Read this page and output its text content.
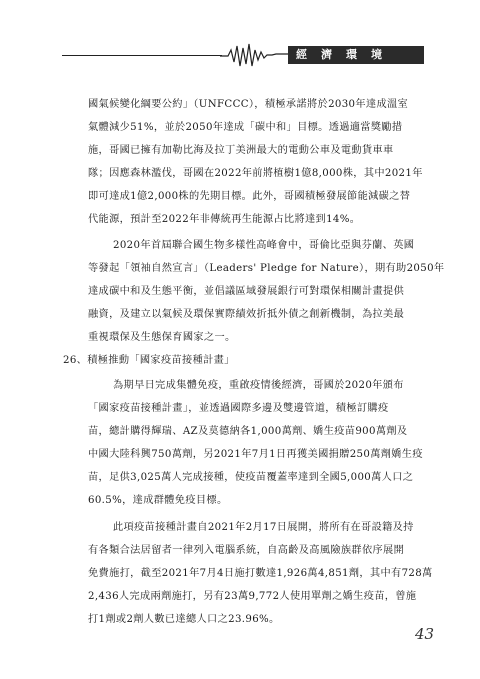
經濟環境
國氣候變化綱要公約」（UNFCCC），積極承諾將於2030年達成溫室
氣體減少51%，並於2050年達成「碳中和」目標。透過適當獎勵措
施，哥國已擁有加勒比海及拉丁美洲最大的電動公車及電動貨車車
隊；因應森林濫伐，哥國在2022年前將植樹1億8,000株，其中2021年
即可達成1億2,000株的先期目標。此外，哥國積極發展節能減碳之替
代能源，預計至2022年非傳統再生能源占比將達到14%。
2020年首屆聯合國生物多樣性高峰會中，哥倫比亞與芬蘭、英國
等發起「領袖自然宣言」（Leaders' Pledge for Nature），期有助2050年
達成碳中和及生態平衡，並倡議區域發展銀行可對環保相關計畫提供
融資，及建立以氣候及環保實際績效折抵外債之創新機制，為拉美最
重視環保及生態保育國家之一。
26、積極推動「國家疫苗接種計畫」
為期早日完成集體免疫，重啟疫情後經濟，哥國於2020年頒布
「國家疫苗接種計畫」，並透過國際多邊及雙邊管道，積極訂購疫
苗，總計購得輝瑞、AZ及莫德納各1,000萬劑、嬌生疫苗900萬劑及
中國大陸科興750萬劑，另2021年7月1日再獲美國捐贈250萬劑嬌生疫
苗，足供3,025萬人完成接種，使疫苗覆蓋率達到全國5,000萬人口之
60.5%，達成群體免疫目標。
此項疫苗接種計畫自2021年2月17日展開，將所有在哥設籍及持
有各類合法居留者一律列入電腦系統，自高齡及高風險族群依序展開
免費施打，截至2021年7月4日施打數達1,926萬4,851劑，其中有728萬
2,436人完成兩劑施打，另有23萬9,772人使用單劑之嬌生疫苗，曾施
打1劑或2劑人數已達總人口之23.96%。
43
